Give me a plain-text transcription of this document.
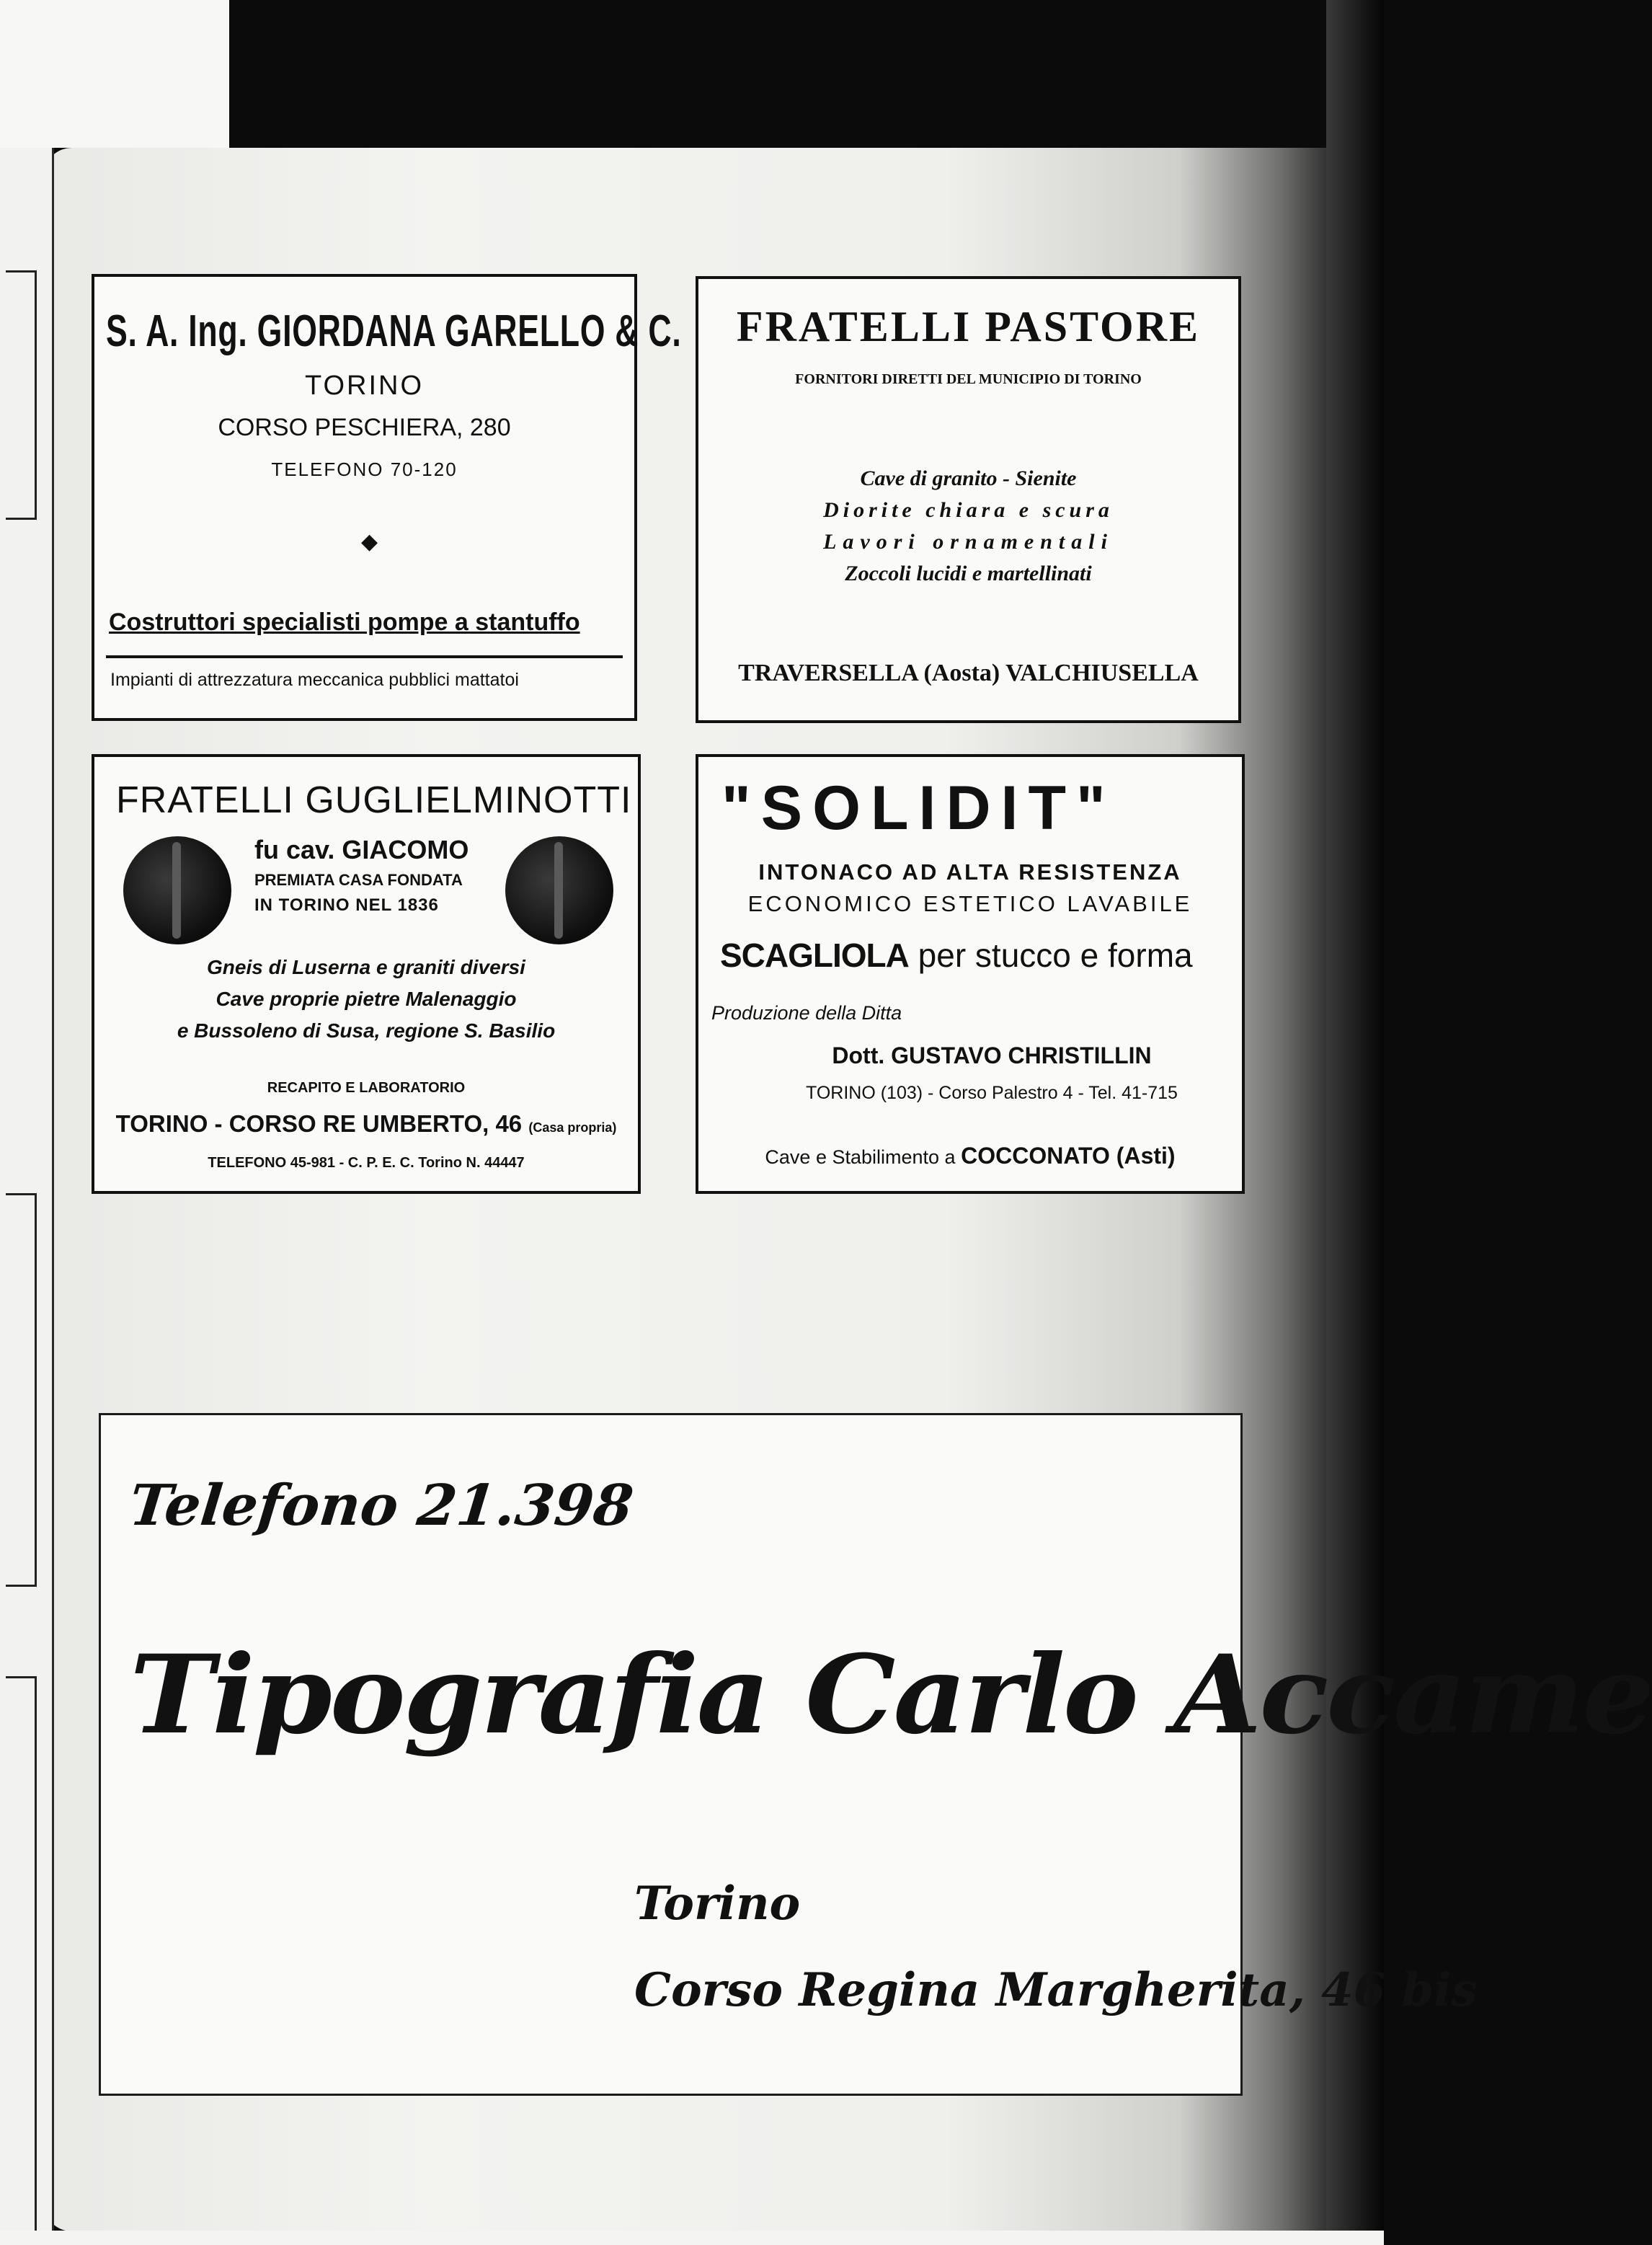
S. A. Ing. GIORDANA GARELLO & C.
TORINO
CORSO PESCHIERA, 280
TELEFONO 70-120
◆
Costruttori specialisti pompe a stantuffo
Impianti di attrezzatura meccanica pubblici mattatoi
FRATELLI PASTORE
FORNITORI DIRETTI DEL MUNICIPIO DI TORINO
Cave di granito - Sienite
Diorite chiara e scura
Lavori ornamentali
Zoccoli lucidi e martellinati
TRAVERSELLA (Aosta) VALCHIUSELLA
FRATELLI GUGLIELMINOTTI
fu cav. GIACOMO
PREMIATA CASA FONDATA
IN TORINO NEL 1836
Gneis di Luserna e graniti diversi
Cave proprie pietre Malenaggio
e Bussoleno di Susa, regione S. Basilio
RECAPITO E LABORATORIO
TORINO - CORSO RE UMBERTO, 46 (Casa propria)
TELEFONO 45-981 - C. P. E. C. Torino N. 44447
"SOLIDIT"
INTONACO AD ALTA RESISTENZA
ECONOMICO ESTETICO LAVABILE
SCAGLIOLA per stucco e forma
Produzione della Ditta
Dott. GUSTAVO CHRISTILLIN
TORINO (103) - Corso Palestro 4 - Tel. 41-715
Cave e Stabilimento a COCCONATO (Asti)
Telefono 21.398
Tipografia Carlo Accame
Torino
Corso Regina Margherita, 46 bis
